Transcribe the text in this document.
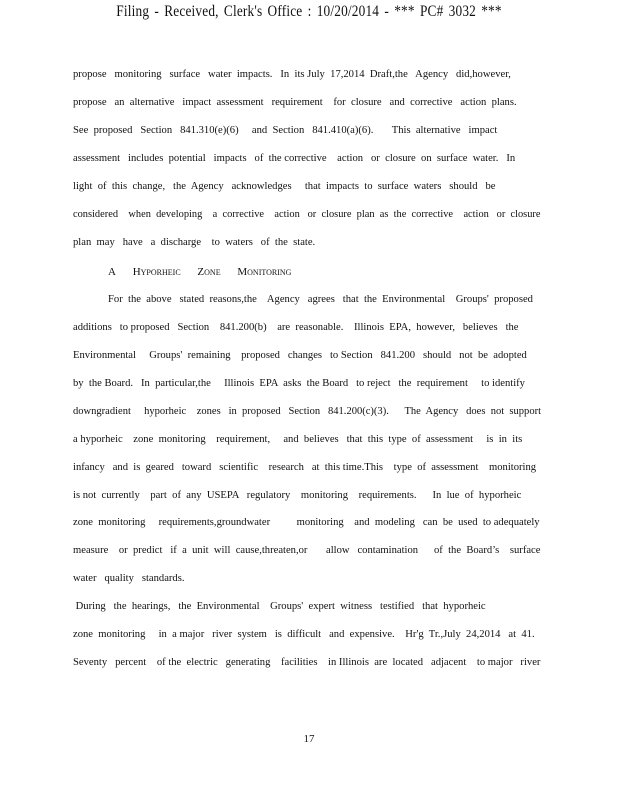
Filing - Received, Clerk's Office : 10/20/2014 - *** PC# 3032 ***
propose   monitoring   surface   water  impacts.   In  its July  17,2014  Draft,the   Agency   did,however,
propose   an  alternative   impact  assessment   requirement    for  closure   and  corrective   action  plans.
See  proposed   Section   841.310(e)(6)     and  Section   841.410(a)(6).       This  alternative   impact
assessment   includes  potential   impacts   of  the corrective    action   or  closure  on  surface  water.   In
light  of  this  change,   the  Agency   acknowledges     that  impacts  to  surface  waters   should   be
considered    when  developing    a  corrective    action   or  closure  plan  as  the  corrective    action   or  closure
plan  may   have   a  discharge    to  waters   of  the  state.
A HYPORHEIC ZONE MONITORING
For  the  above   stated  reasons,the    Agency   agrees   that  the  Environmental    Groups'  proposed
additions   to proposed   Section    841.200(b)    are  reasonable.    Illinois  EPA,  however,   believes   the
Environmental     Groups'  remaining    proposed   changes   to Section   841.200   should   not  be  adopted
by  the Board.   In  particular,the     Illinois  EPA  asks  the Board   to reject   the  requirement     to identify
downgradient     hyporheic    zones   in  proposed   Section   841.200(c)(3).      The  Agency   does  not  support
a hyporheic    zone  monitoring    requirement,     and  believes   that  this  type  of  assessment     is  in  its
infancy   and  is  geared   toward   scientific    research   at  this time.This    type  of  assessment    monitoring
is not  currently    part  of  any  USEPA   regulatory    monitoring    requirements.      In  lue  of  hyporheic
zone  monitoring     requirements,groundwater          monitoring    and  modeling   can  be  used  to adequately
measure    or  predict   if  a  unit  will  cause,threaten,or       allow   contamination      of  the  Board’s    surface
water   quality   standards.
During   the  hearings,   the  Environmental    Groups'  expert  witness   testified   that  hyporheic
zone  monitoring     in  a major   river  system   is  difficult   and  expensive.    Hr'g  Tr.,July  24,2014   at  41.
Seventy   percent    of the  electric   generating    facilities    in Illinois  are  located   adjacent    to major   river
17
